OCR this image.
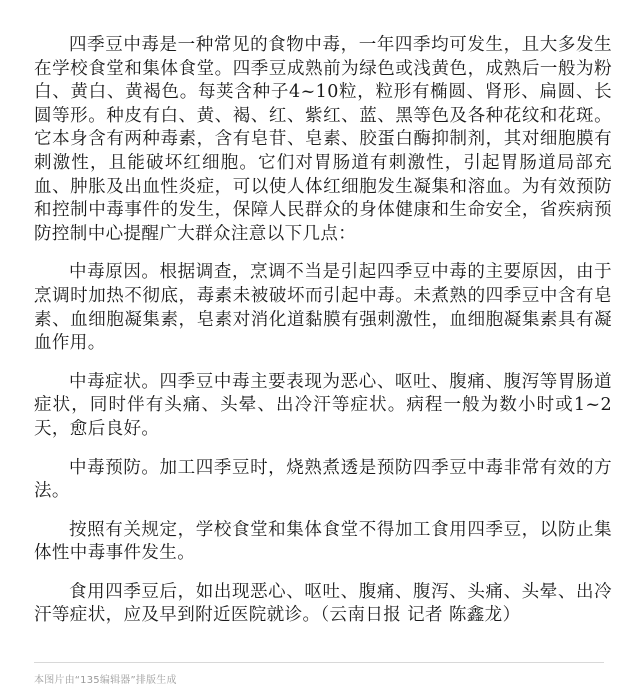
四季豆中毒是一种常见的食物中毒，一年四季均可发生，且大多发生在学校食堂和集体食堂。四季豆成熟前为绿色或浅黄色，成熟后一般为粉白、黄白、黄褐色。每荚含种子4~10粒，粒形有椭圆、肾形、扁圆、长圆等形。种皮有白、黄、褐、红、紫红、蓝、黑等色及各种花纹和花斑。它本身含有两种毒素，含有皂苷、皂素、胶蛋白酶抑制剂，其对细胞膜有刺激性，且能破坏红细胞。它们对胃肠道有刺激性，引起胃肠道局部充血、肿胀及出血性炎症，可以使人体红细胞发生凝集和溶血。为有效预防和控制中毒事件的发生，保障人民群众的身体健康和生命安全，省疾病预防控制中心提醒广大群众注意以下几点：

中毒原因。根据调查，烹调不当是引起四季豆中毒的主要原因，由于烹调时加热不彻底，毒素未被破坏而引起中毒。未煮熟的四季豆中含有皂素、血细胞凝集素，皂素对消化道黏膜有强刺激性，血细胞凝集素具有凝血作用。

中毒症状。四季豆中毒主要表现为恶心、呕吐、腹痛、腹泻等胃肠道症状，同时伴有头痛、头晕、出冷汗等症状。病程一般为数小时或1~2天，愈后良好。

中毒预防。加工四季豆时，烧熟煮透是预防四季豆中毒非常有效的方法。

按照有关规定，学校食堂和集体食堂不得加工食用四季豆，以防止集体性中毒事件发生。

食用四季豆后，如出现恶心、呕吐、腹痛、腹泻、头痛、头晕、出冷汗等症状，应及早到附近医院就诊。（云南日报 记者 陈鑫龙）

本图片由“135编辑器”排版生成
